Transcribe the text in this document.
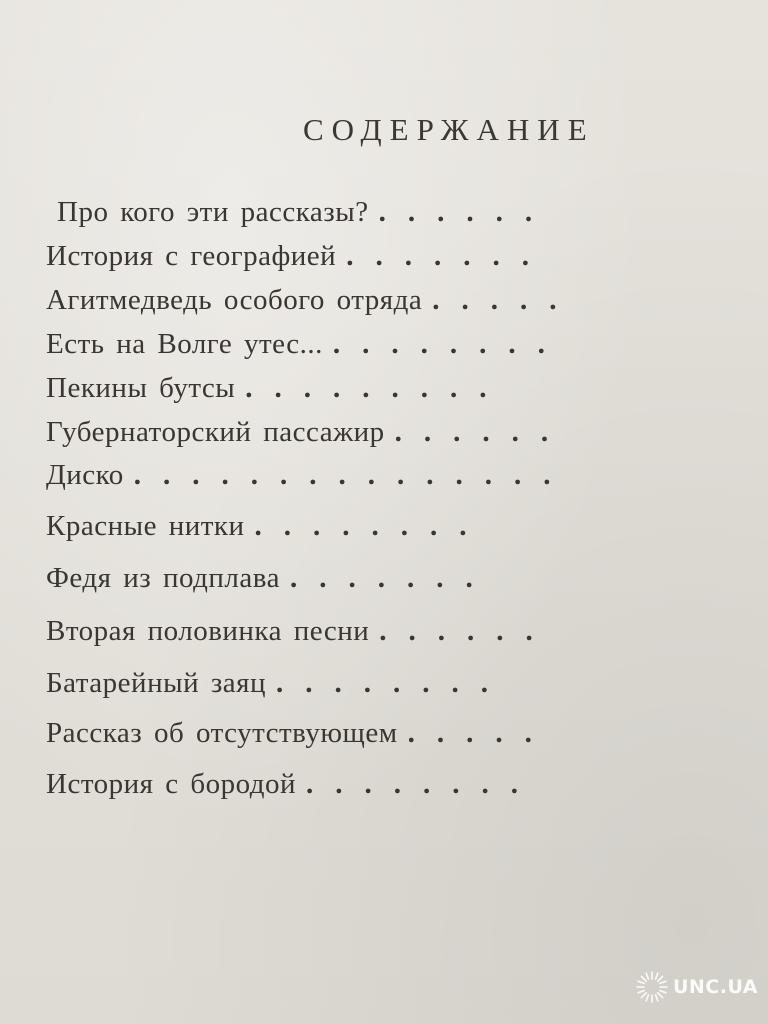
СОДЕРЖАНИЕ
Про кого эти рассказы? ......
История с географией .......
Агитмедведь особого отряда .....
Есть на Волге утес... ........
Пекины бутсы .........
Губернаторский пассажир ......
Диско ...............
Красные нитки ........
Федя из подплава .......
Вторая половинка песни ......
Батарейный заяц ........
Рассказ об отсутствующем .....
История с бородой ........
UNC.UA
